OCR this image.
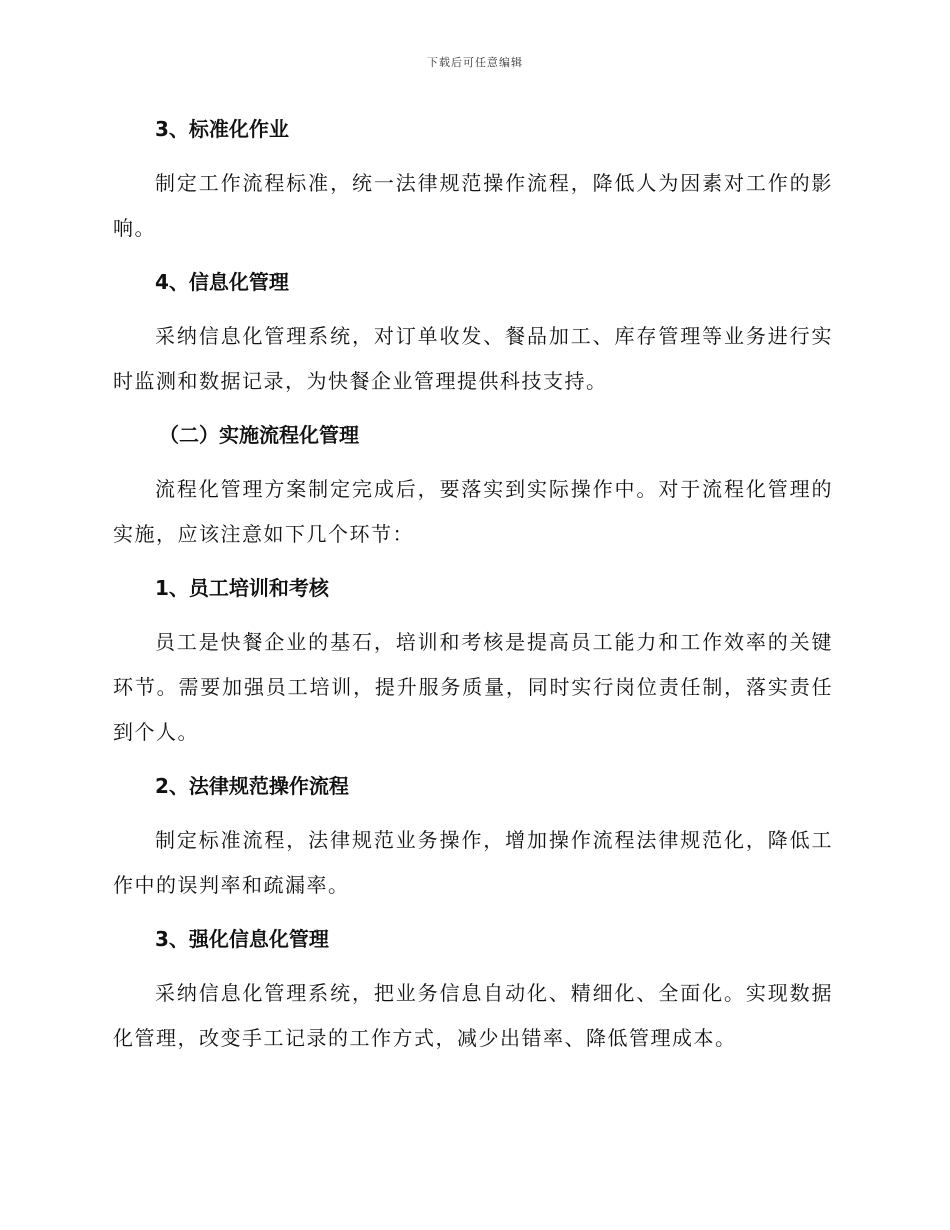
下载后可任意编辑
3、标准化作业

制定工作流程标准，统一法律规范操作流程，降低人为因素对工作的影响。

4、信息化管理

采纳信息化管理系统，对订单收发、餐品加工、库存管理等业务进行实时监测和数据记录，为快餐企业管理提供科技支持。

（二）实施流程化管理

流程化管理方案制定完成后，要落实到实际操作中。对于流程化管理的实施，应该注意如下几个环节：

1、员工培训和考核

员工是快餐企业的基石，培训和考核是提高员工能力和工作效率的关键环节。需要加强员工培训，提升服务质量，同时实行岗位责任制，落实责任到个人。

2、法律规范操作流程

制定标准流程，法律规范业务操作，增加操作流程法律规范化，降低工作中的误判率和疏漏率。

3、强化信息化管理

采纳信息化管理系统，把业务信息自动化、精细化、全面化。实现数据化管理，改变手工记录的工作方式，减少出错率、降低管理成本。
